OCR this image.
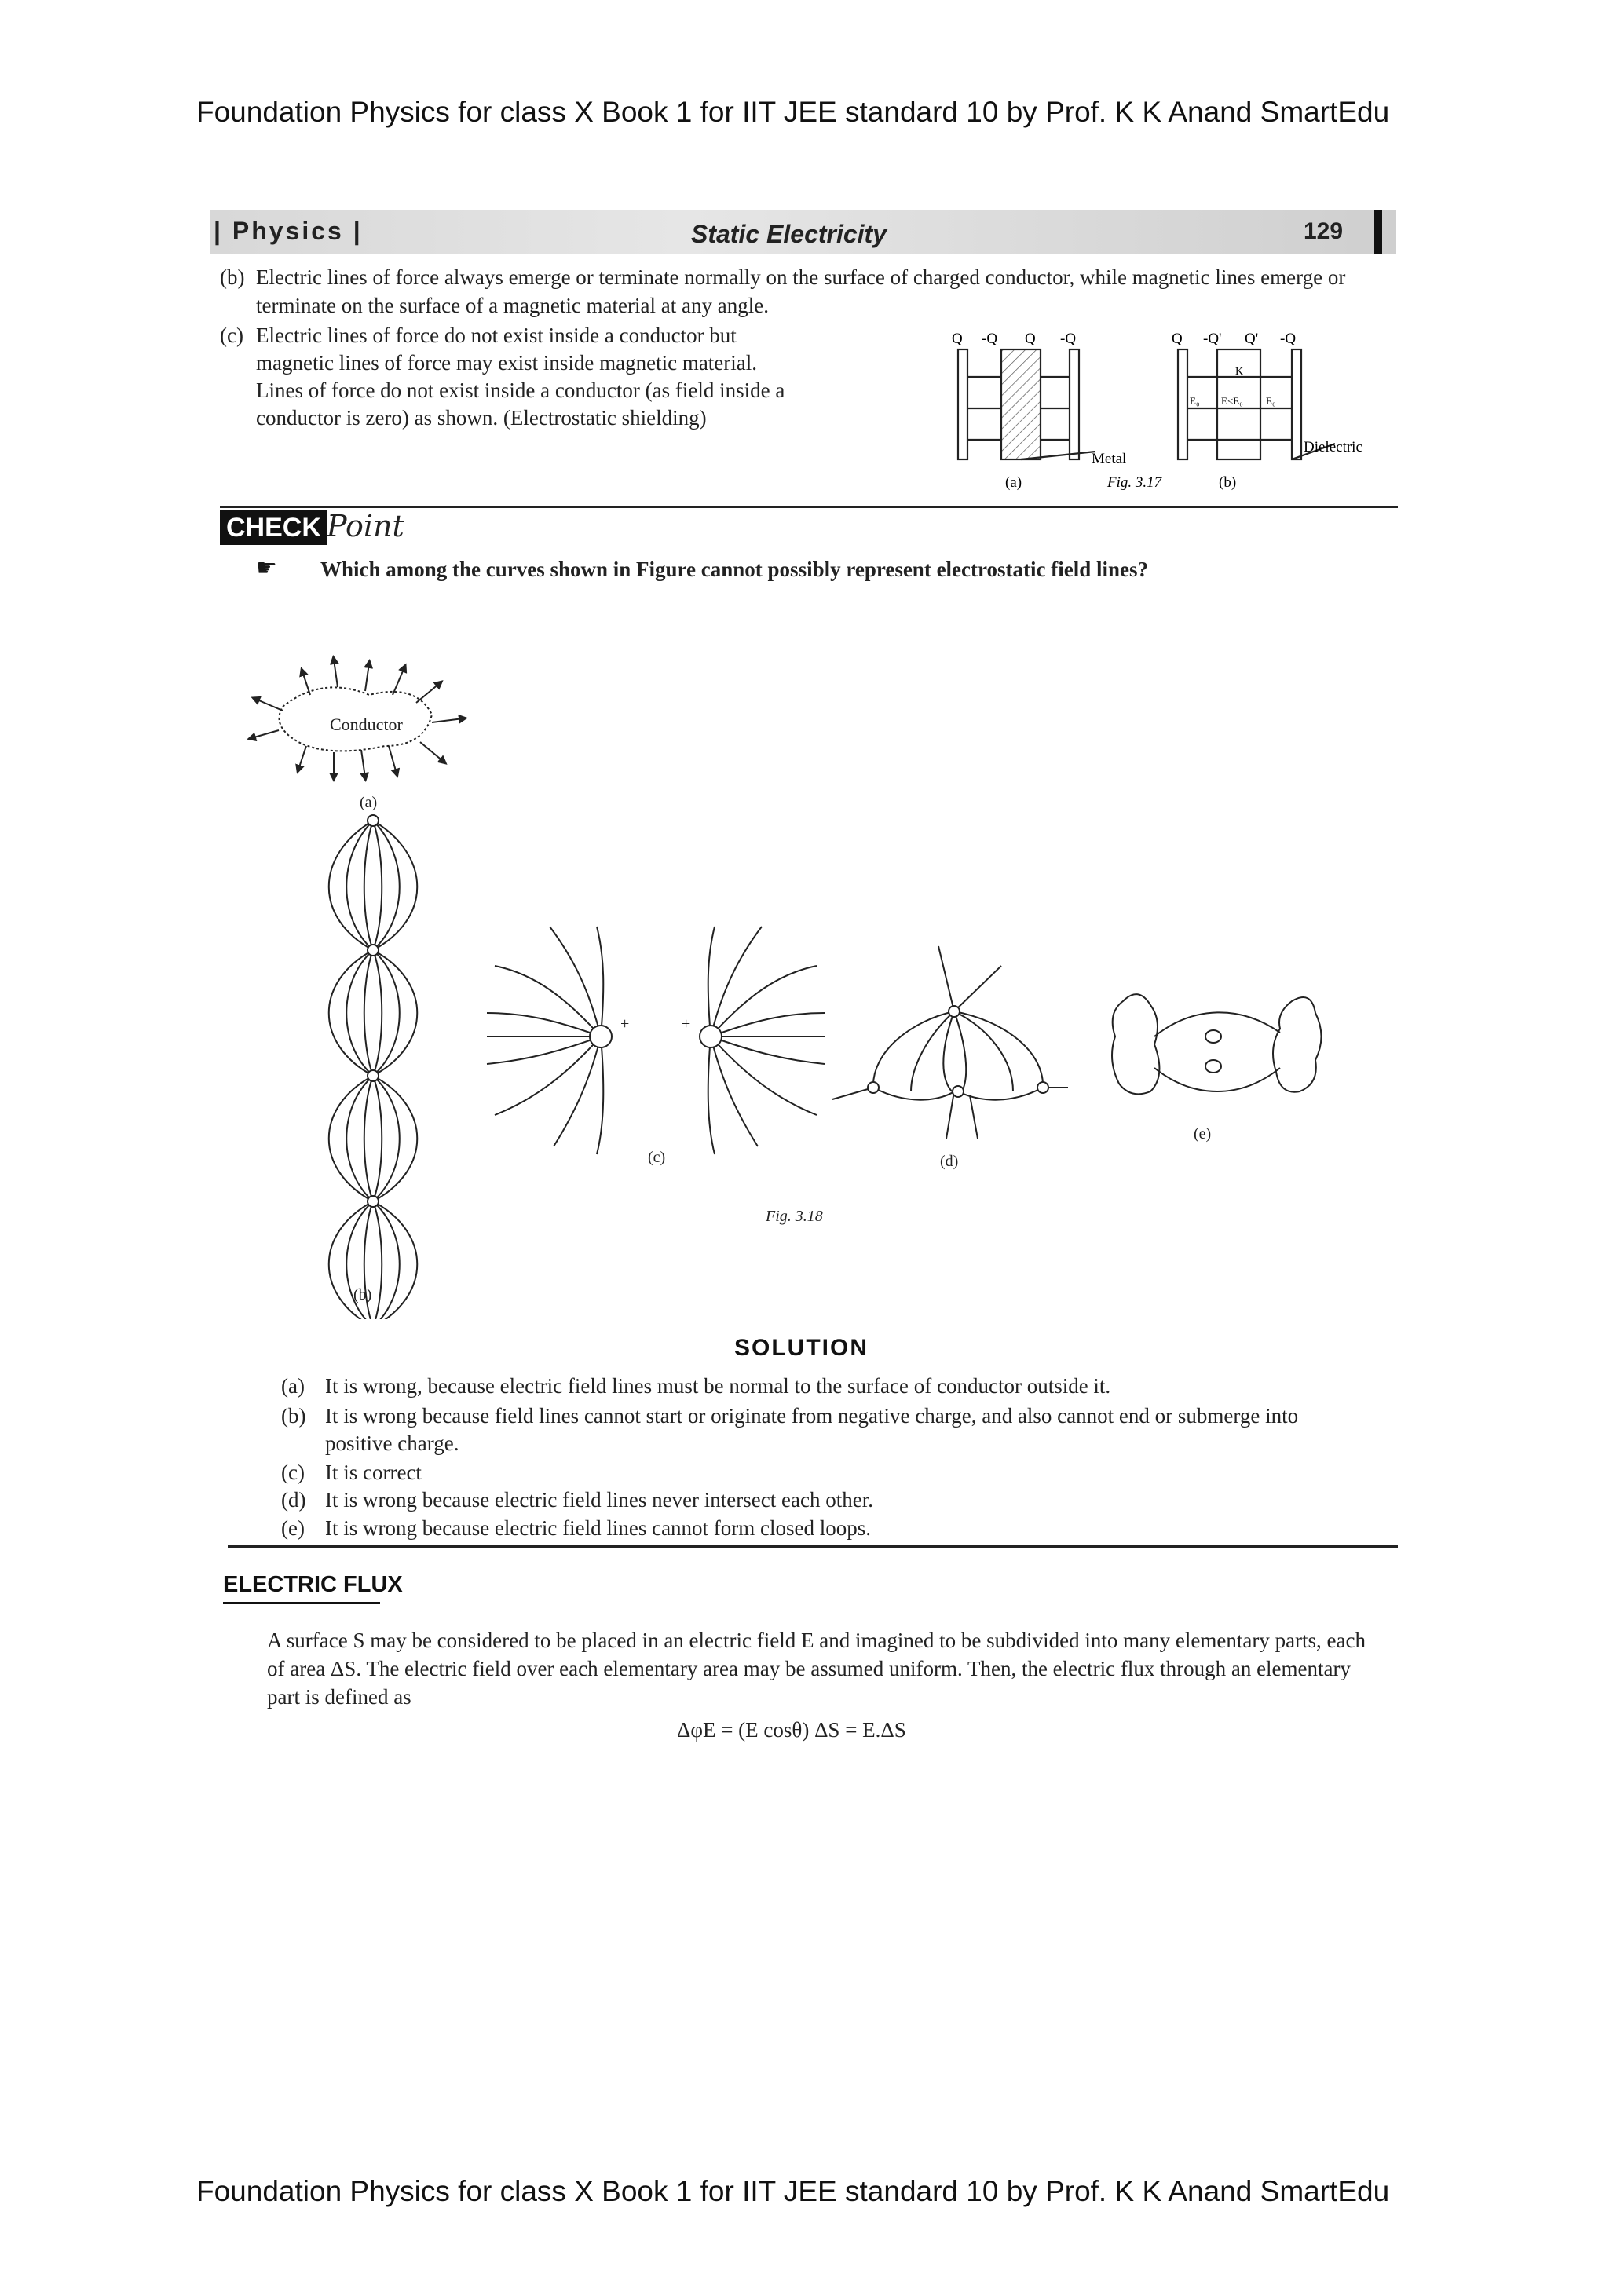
Foundation Physics for class X Book 1 for IIT JEE standard 10 by Prof. K K Anand SmartEdu
Foundation Physics for class X Book 1 for IIT JEE standard 10 by Prof. K K Anand SmartEdu
| Physics |	Static Electricity	129
(b) Electric lines of force always emerge or terminate normally on the surface of charged conductor, while magnetic lines emerge or
terminate on the surface of a magnetic material at any angle.
(c) Electric lines of force do not exist inside a conductor but
magnetic lines of force may exist inside magnetic material.
Lines of force do not exist inside a conductor (as field inside a
conductor is zero) as shown. (Electrostatic shielding)
Q -Q Q -Q	Q -Q' Q' -Q
K
E₀ E<E₀ E₀
Metal
Dielectric
(a)	Fig. 3.17	(b)
CHECK Point
☛ Which among the curves shown in Figure cannot possibly represent electrostatic field lines?
Conductor
(a)
(b)
(c)	(d)
(e)
+	+
Fig. 3.18
SOLUTION
(a) It is wrong, because electric field lines must be normal to the surface of conductor outside it.
(b) It is wrong because field lines cannot start or originate from negative charge, and also cannot end or submerge into
positive charge.
(c) It is correct
(d) It is wrong because electric field lines never intersect each other.
(e) It is wrong because electric field lines cannot form closed loops.
ELECTRIC FLUX
A surface S may be considered to be placed in an electric field E and imagined to be subdivided into many elementary parts, each
of area ΔS. The electric field over each elementary area may be assumed uniform. Then, the electric flux through an elementary
part is defined as
ΔφE = (E cosθ) ΔS = E.ΔS
